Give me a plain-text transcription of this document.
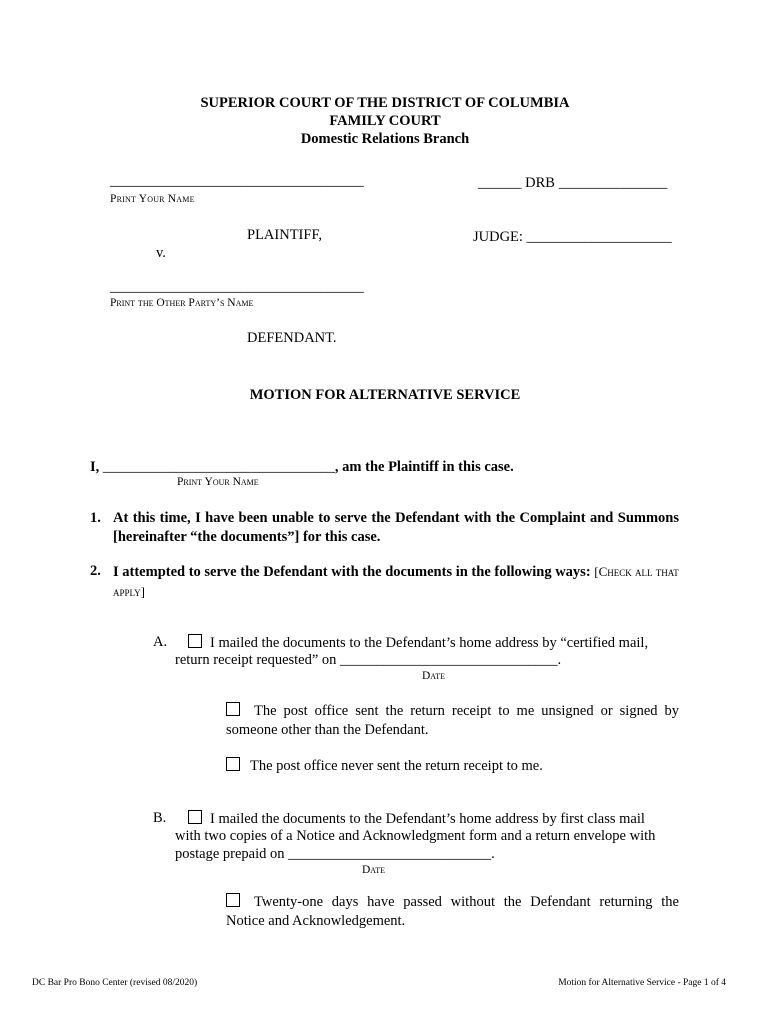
SUPERIOR COURT OF THE DISTRICT OF COLUMBIA
FAMILY COURT
Domestic Relations Branch
___________________________________
Print Your Name
______ DRB _______________
PLAINTIFF,	JUDGE: ____________________
v.
___________________________________
Print the Other Party’s Name
DEFENDANT.
MOTION FOR ALTERNATIVE SERVICE
I, ________________________________, am the Plaintiff in this case.
Print Your Name
1. At this time, I have been unable to serve the Defendant with the Complaint and Summons [hereinafter “the documents”] for this case.
2. I attempted to serve the Defendant with the documents in the following ways: [Check all that apply]
A.	I mailed the documents to the Defendant’s home address by “certified mail,
return receipt requested” on ______________________________.
Date
The post office sent the return receipt to me unsigned or signed by someone other than the Defendant.
The post office never sent the return receipt to me.
B.	I mailed the documents to the Defendant’s home address by first class mail
with two copies of a Notice and Acknowledgment form and a return envelope with
postage prepaid on ____________________________.
Date
Twenty-one days have passed without the Defendant returning the Notice and Acknowledgement.
DC Bar Pro Bono Center (revised 08/2020)	Motion for Alternative Service - Page 1 of 4
